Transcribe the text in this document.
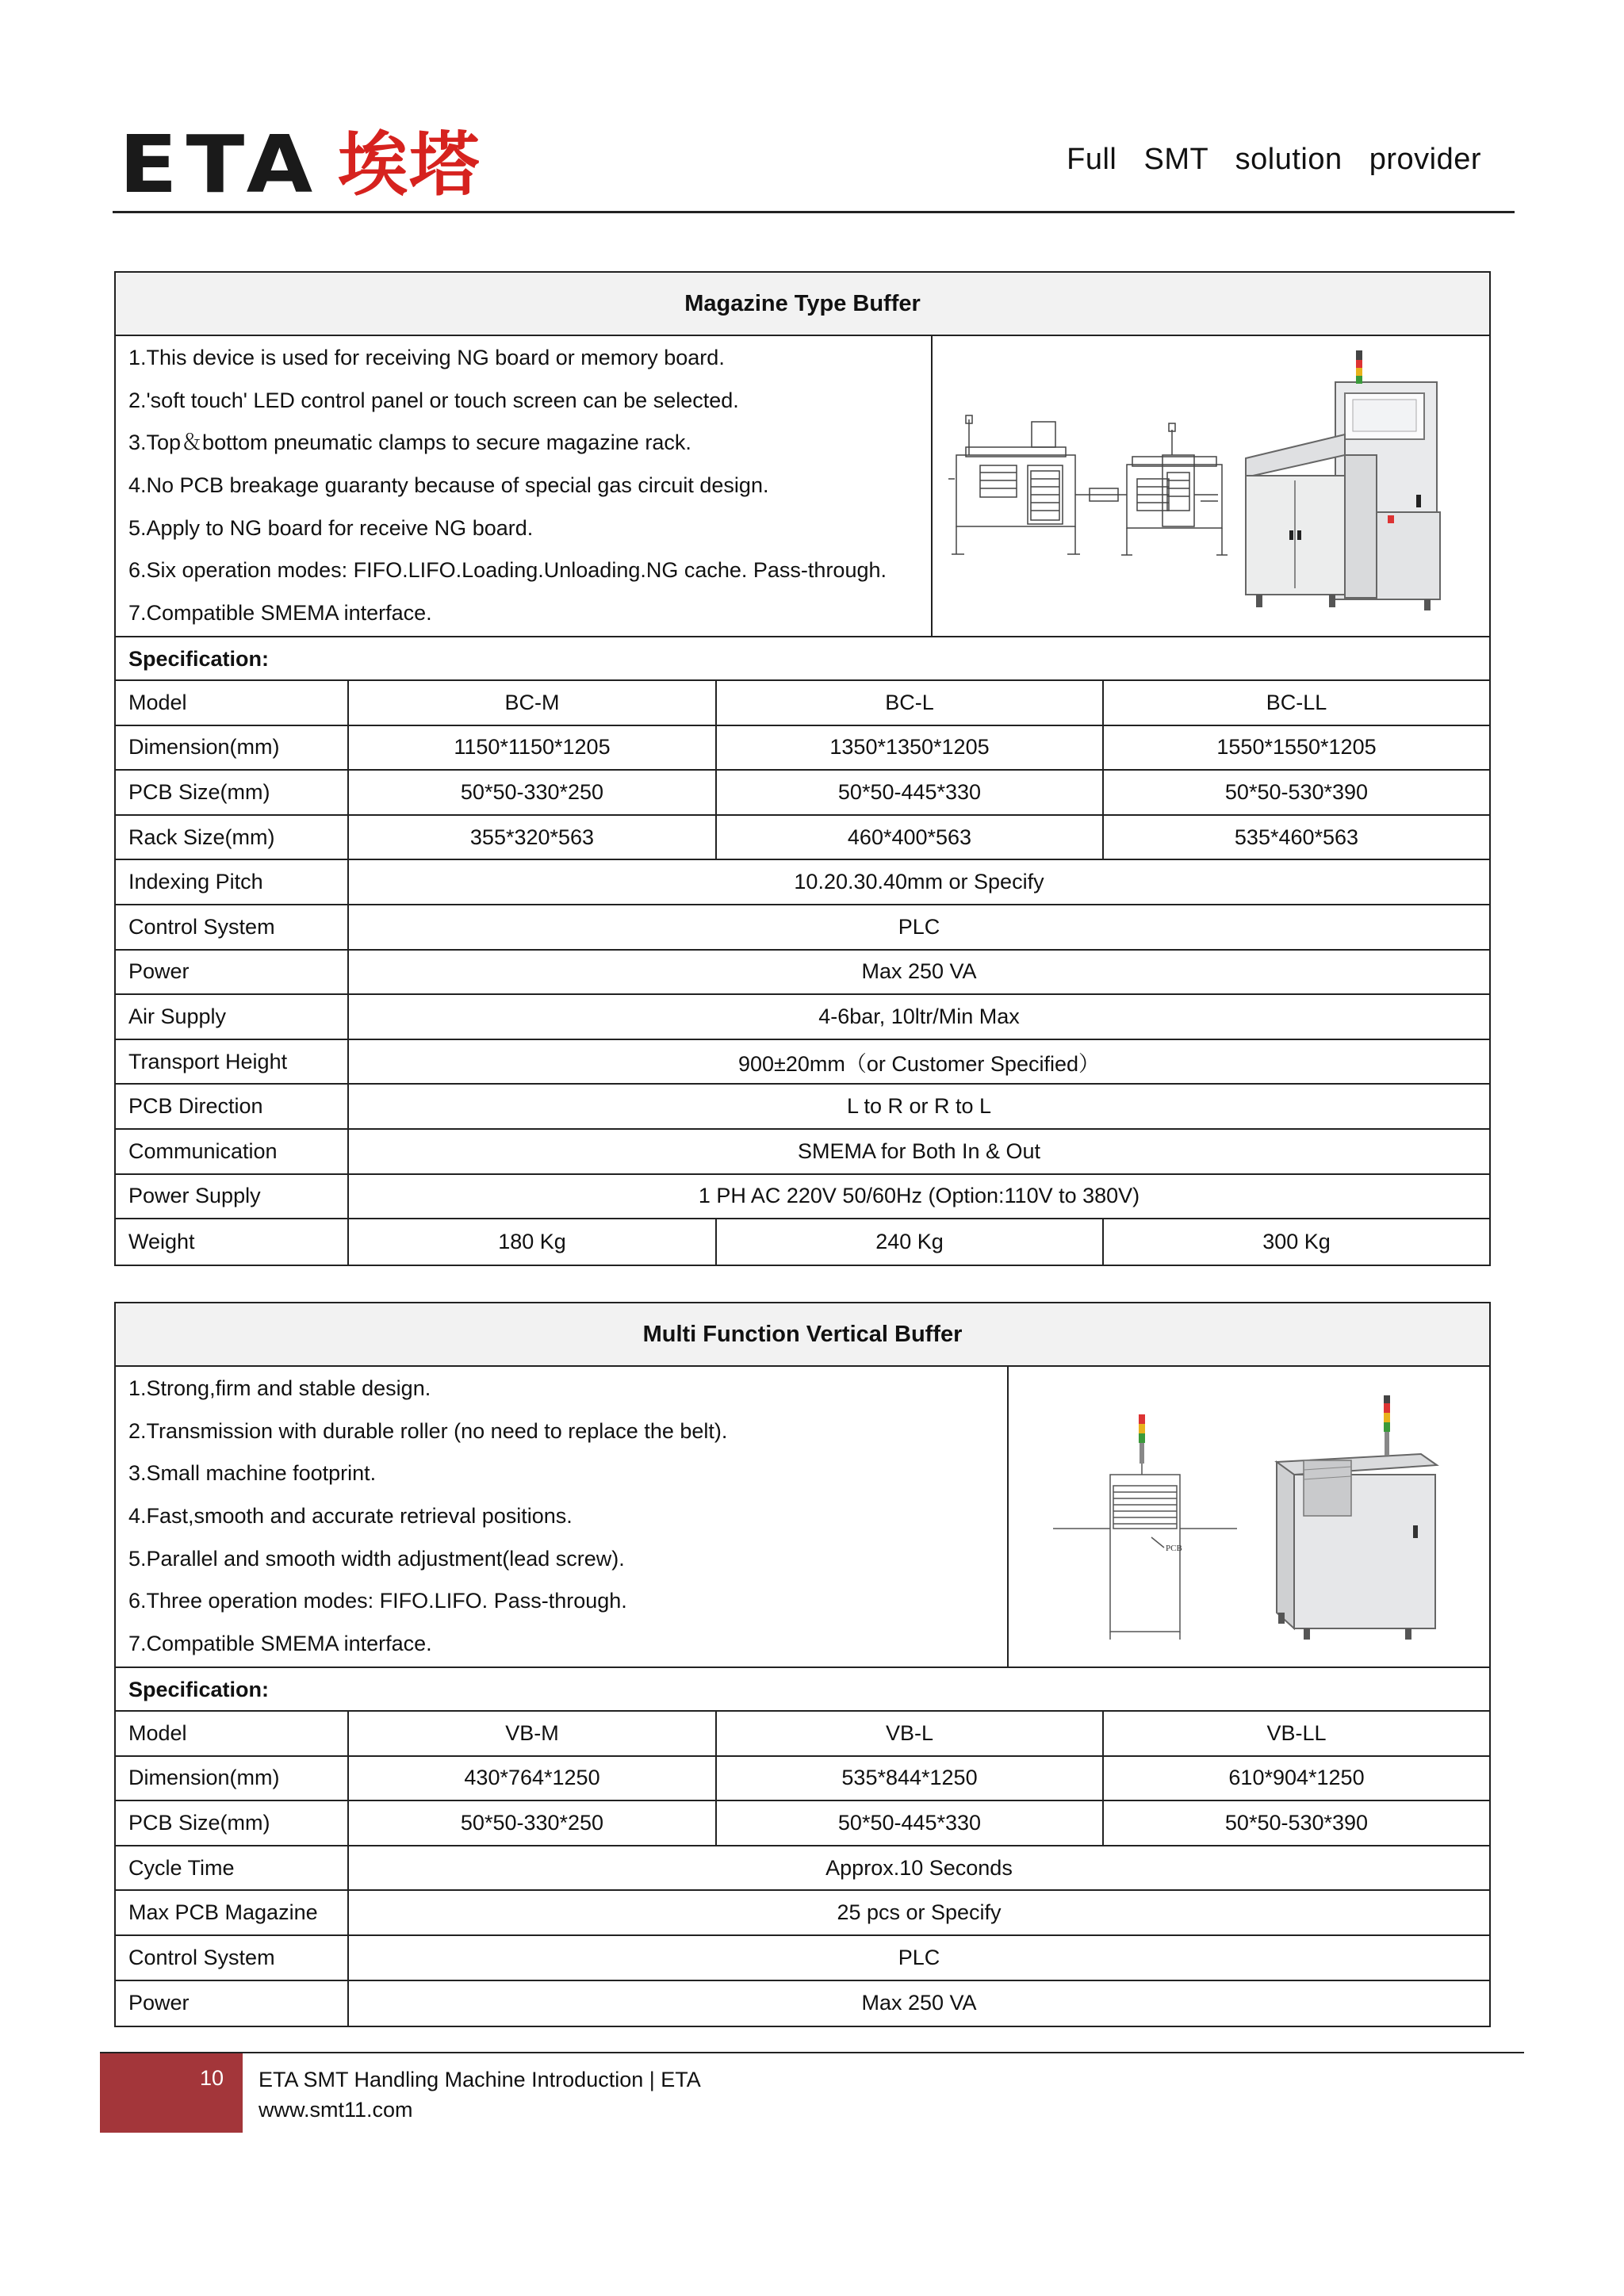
ETA 埃塔	Full  SMT  solution  provider
Magazine Type Buffer
1.This device is used for receiving NG board or memory board.
2.'soft touch' LED control panel or touch screen can be selected.
3.Top＆bottom pneumatic clamps to secure magazine rack.
4.No PCB breakage guaranty because of special gas circuit design.
5.Apply to NG board for receive NG board.
6.Six operation modes: FIFO.LIFO.Loading.Unloading.NG cache. Pass-through.
7.Compatible SMEMA interface.
Specification:
Model	BC-M	BC-L	BC-LL
Dimension(mm)	1150*1150*1205	1350*1350*1205	1550*1550*1205
PCB Size(mm)	50*50-330*250	50*50-445*330	50*50-530*390
Rack Size(mm)	355*320*563	460*400*563	535*460*563
Indexing Pitch	10.20.30.40mm or Specify
Control System	PLC
Power	Max 250 VA
Air Supply	4-6bar, 10ltr/Min Max
Transport Height	900±20mm（or Customer Specified）
PCB Direction	L to R or R to L
Communication	SMEMA for Both In & Out
Power Supply	1 PH AC 220V 50/60Hz (Option:110V to 380V)
Weight	180 Kg	240 Kg	300 Kg
Multi Function Vertical Buffer
1.Strong,firm and stable design.
2.Transmission with durable roller (no need to replace the belt).
3.Small machine footprint.
4.Fast,smooth and accurate retrieval positions.
5.Parallel and smooth width adjustment(lead screw).
6.Three operation modes: FIFO.LIFO. Pass-through.
7.Compatible SMEMA interface.
PCB
Specification:
Model	VB-M	VB-L	VB-LL
Dimension(mm)	430*764*1250	535*844*1250	610*904*1250
PCB Size(mm)	50*50-330*250	50*50-445*330	50*50-530*390
Cycle Time	Approx.10 Seconds
Max PCB Magazine	25 pcs or Specify
Control System	PLC
Power	Max 250 VA
10 ETA SMT Handling Machine Introduction | ETA
www.smt11.com
